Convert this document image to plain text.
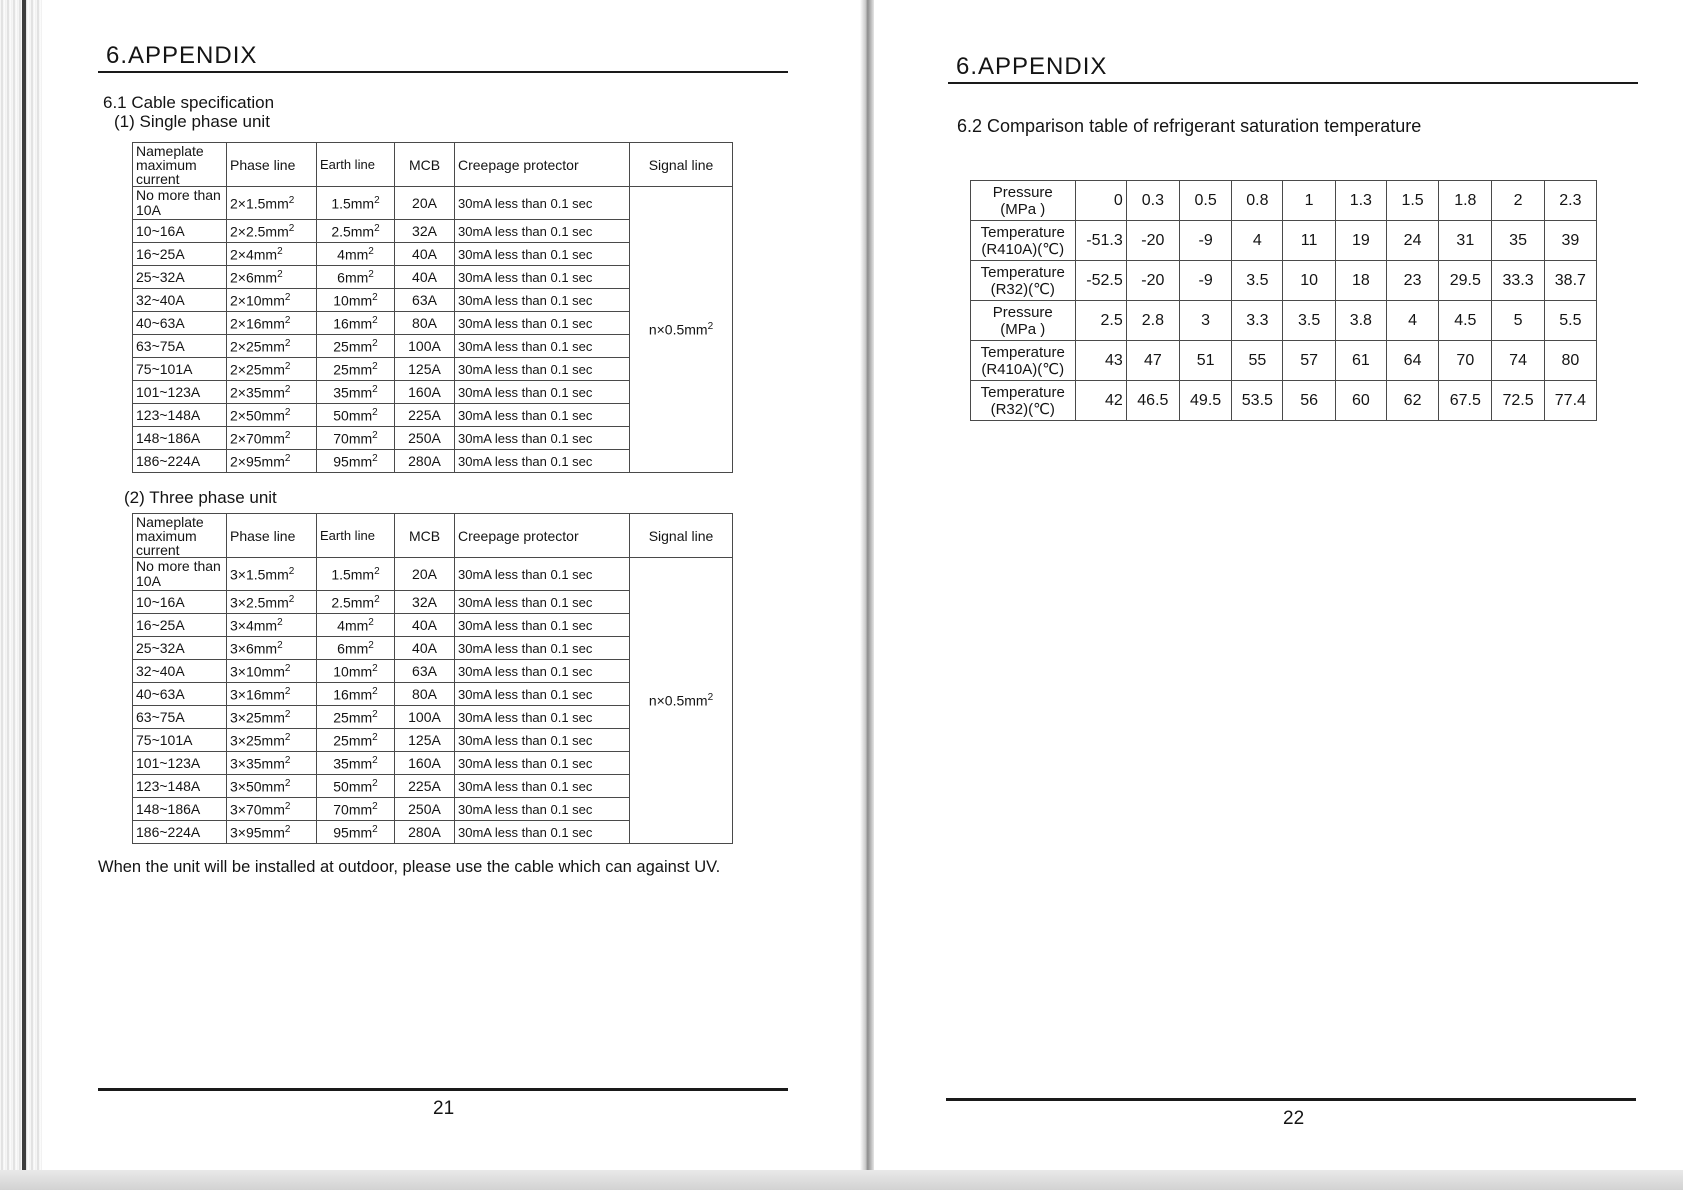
6.APPENDIX

6.1 Cable specification

(1) Single phase unit

Nameplate
maximum
current	Phase line	Earth line	MCB	Creepage protector	Signal line
No more than 10A	$2\times 1.5mm^2$	$1.5mm^2$	20A	30mA less than 0.1 sec	$n\times 0.5mm^2$
10~16A	$2\times 2.5mm^2$	$2.5mm^2$	32A	30mA less than 0.1 sec	
16~25A	$2\times 4mm^2$	$4mm^2$	40A	30mA less than 0.1 sec	
25~32A	$2\times 6mm^2$	$6mm^2$	40A	30mA less than 0.1 sec	
32~40A	$2\times 10mm^2$	$10mm^2$	63A	30mA less than 0.1 sec	
40~63A	$2\times 16mm^2$	$16mm^2$	80A	30mA less than 0.1 sec	
63~75A	$2\times 25mm^2$	$25mm^2$	100A	30mA less than 0.1 sec	
75~101A	$2\times 25mm^2$	$25mm^2$	125A	30mA less than 0.1 sec	
101~123A	$2\times 35mm^2$	$35mm^2$	160A	30mA less than 0.1 sec	
123~148A	$2\times 50mm^2$	$50mm^2$	225A	30mA less than 0.1 sec	
148~186A	$2\times 70mm^2$	$70mm^2$	250A	30mA less than 0.1 sec	
186~224A	$2\times 95mm^2$	$95mm^2$	280A	30mA less than 0.1 sec	

(2) Three phase unit

Nameplate
maximum
current	Phase line	Earth line	MCB	Creepage protector	Signal line
No more than 10A	$3\times 1.5mm^2$	$1.5mm^2$	20A	30mA less than 0.1 sec	$n\times 0.5mm^2$
10~16A	$3\times 2.5mm^2$	$2.5mm^2$	32A	30mA less than 0.1 sec	
16~25A	$3\times 4mm^2$	$4mm^2$	40A	30mA less than 0.1 sec	
25~32A	$3\times 6mm^2$	$6mm^2$	40A	30mA less than 0.1 sec	
32~40A	$3\times 10mm^2$	$10mm^2$	63A	30mA less than 0.1 sec	
40~63A	$3\times 16mm^2$	$16mm^2$	80A	30mA less than 0.1 sec	
63~75A	$3\times 25mm^2$	$25mm^2$	100A	30mA less than 0.1 sec	
75~101A	$3\times 25mm^2$	$25mm^2$	125A	30mA less than 0.1 sec	
101~123A	$3\times 35mm^2$	$35mm^2$	160A	30mA less than 0.1 sec	
123~148A	$3\times 50mm^2$	$50mm^2$	225A	30mA less than 0.1 sec	
148~186A	$3\times 70mm^2$	$70mm^2$	250A	30mA less than 0.1 sec	
186~224A	$3\times 95mm^2$	$95mm^2$	280A	30mA less than 0.1 sec	

When the unit will be installed at outdoor, please use the cable which can against UV.

21
6.APPENDIX

6.2 Comparison table of refrigerant saturation temperature

Pressure
(MPa )	0	0.3	0.5	0.8	1	1.3	1.5	1.8	2	2.3

Temperature
(R410A)(℃)	-51.3	-20	-9	4	11	19	24	31	35	39

Temperature
(R32)(℃)	-52.5	-20	-9	3.5	10	18	23	29.5	33.3	38.7

Pressure
(MPa )	2.5	2.8	3	3.3	3.5	3.8	4	4.5	5	5.5

Temperature
(R410A)(℃)	43	47	51	55	57	61	64	70	74	80

Temperature
(R32)(℃)	42	46.5	49.5	53.5	56	60	62	67.5	72.5	77.4
22
